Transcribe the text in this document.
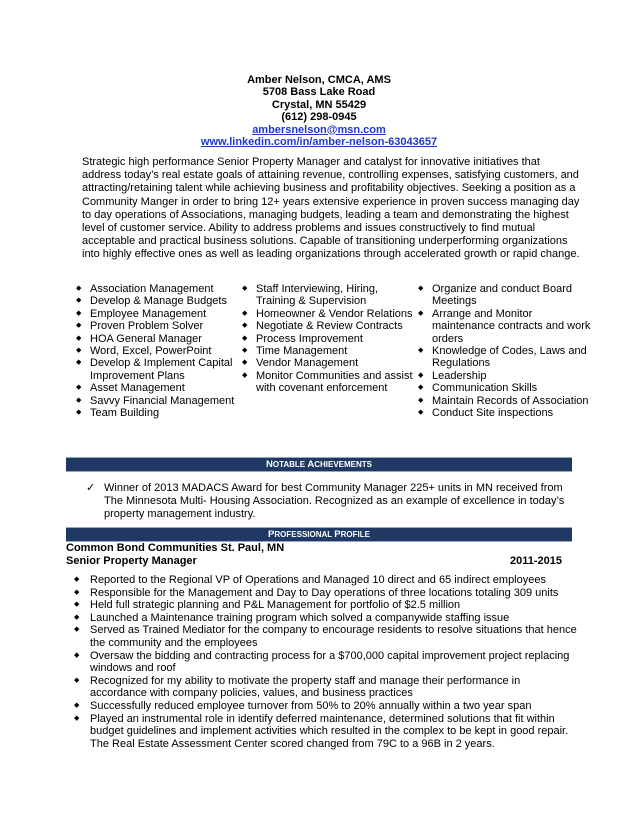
Amber Nelson, CMCA, AMS
5708 Bass Lake Road
Crystal, MN 55429
(612) 298-0945
ambersnelson@msn.com
www.linkedin.com/in/amber-nelson-63043657
Strategic high performance Senior Property Manager and catalyst for innovative initiatives that address today’s real estate goals of attaining revenue, controlling expenses, satisfying customers, and attracting/retaining talent while achieving business and profitability objectives. Seeking a position as a Community Manger in order to bring 12+ years extensive experience in proven success managing day to day operations of Associations, managing budgets, leading a team and demonstrating the highest level of customer service. Ability to address problems and issues constructively to find mutual acceptable and practical business solutions. Capable of transitioning underperforming organizations into highly effective ones as well as leading organizations through accelerated growth or rapid change.
◆ Association Management
◆ Develop & Manage Budgets
◆ Employee Management
◆ Proven Problem Solver
◆ HOA General Manager
◆ Word, Excel, PowerPoint
◆ Develop & Implement Capital Improvement Plans
◆ Asset Management
◆ Savvy Financial Management
◆ Team Building
◆ Staff Interviewing, Hiring, Training & Supervision
◆ Homeowner & Vendor Relations
◆ Negotiate & Review Contracts
◆ Process Improvement
◆ Time Management
◆ Vendor Management
◆ Monitor Communities and assist with covenant enforcement
◆ Organize and conduct Board Meetings
◆ Arrange and Monitor maintenance contracts and work orders
◆ Knowledge of Codes, Laws and Regulations
◆ Leadership
◆ Communication Skills
◆ Maintain Records of Association
◆ Conduct Site inspections
NOTABLE ACHIEVEMENTS
✓ Winner of 2013 MADACS Award for best Community Manager 225+ units in MN received from The Minnesota Multi- Housing Association. Recognized as an example of excellence in today’s property management industry.
PROFESSIONAL PROFILE
Common Bond Communities St. Paul, MN
Senior Property Manager	2011-2015
◆ Reported to the Regional VP of Operations and Managed 10 direct and 65 indirect employees
◆ Responsible for the Management and Day to Day operations of three locations totaling 309 units
◆ Held full strategic planning and P&L Management for portfolio of $2.5 million
◆ Launched a Maintenance training program which solved a companywide staffing issue
◆ Served as Trained Mediator for the company to encourage residents to resolve situations that hence the community and the employees
◆ Oversaw the bidding and contracting process for a $700,000 capital improvement project replacing windows and roof
◆ Recognized for my ability to motivate the property staff and manage their performance in accordance with company policies, values, and business practices
◆ Successfully reduced employee turnover from 50% to 20% annually within a two year span
◆ Played an instrumental role in identify deferred maintenance, determined solutions that fit within budget guidelines and implement activities which resulted in the complex to be kept in good repair. The Real Estate Assessment Center scored changed from 79C to a 96B in 2 years.
